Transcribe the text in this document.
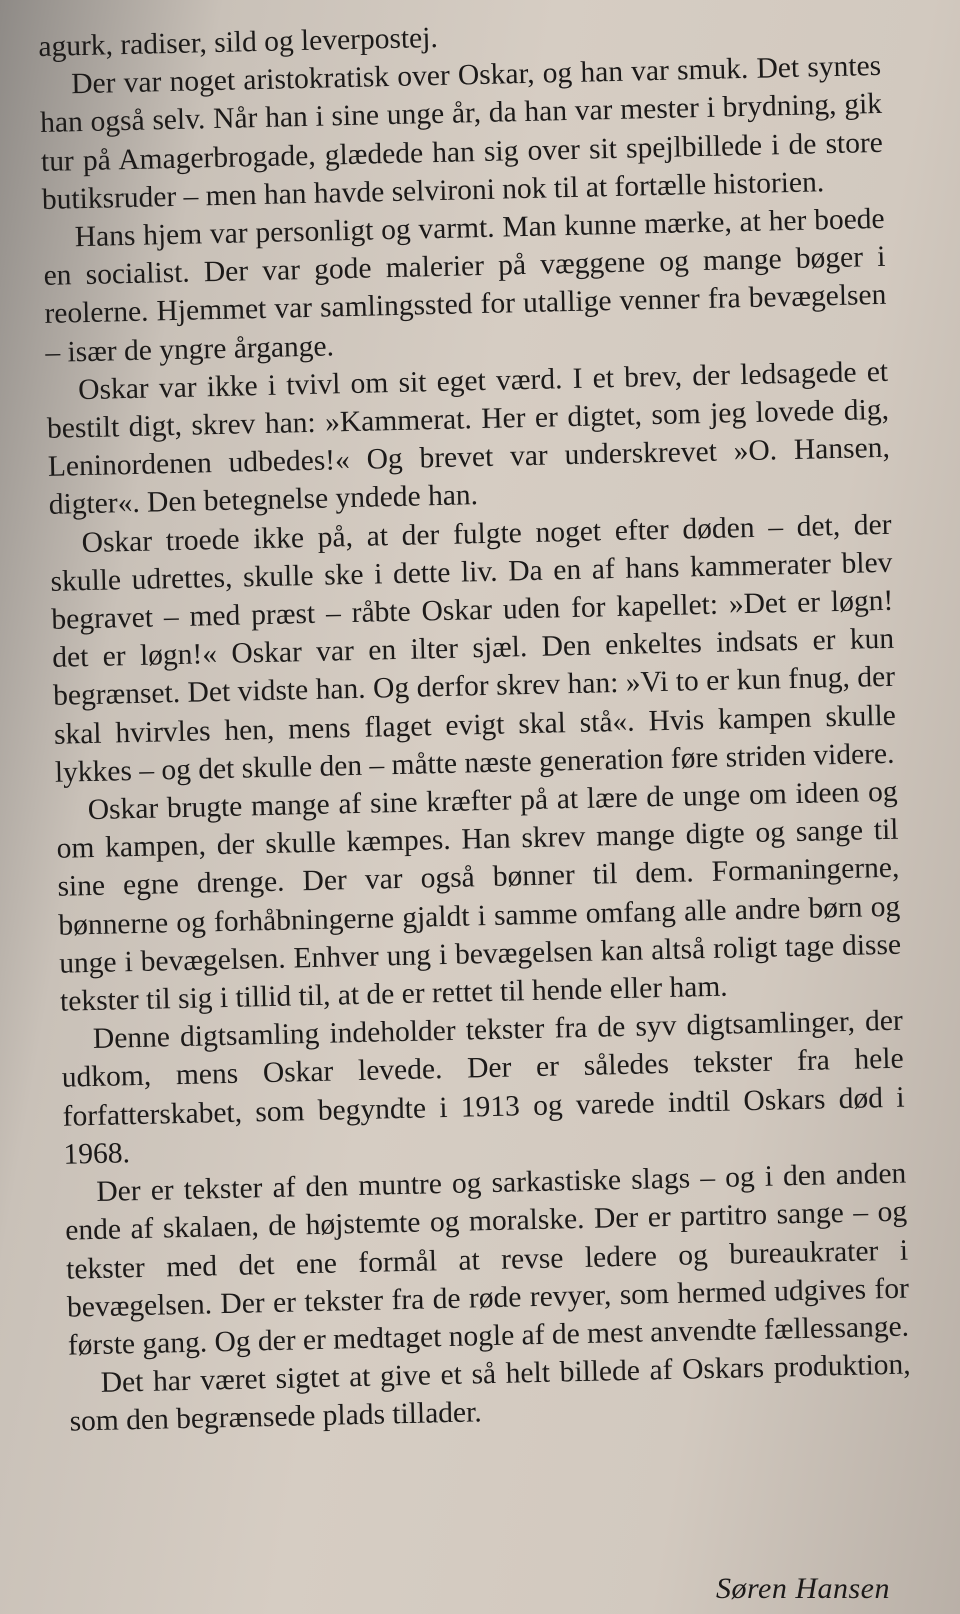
agurk, radiser, sild og leverpostej.

Der var noget aristokratisk over Oskar, og han var smuk. Det syntes han også selv. Når han i sine unge år, da han var mester i brydning, gik tur på Amagerbrogade, glædede han sig over sit spejlbillede i de store butiksruder – men han havde selvironi nok til at fortælle historien.

Hans hjem var personligt og varmt. Man kunne mærke, at her boede en socialist. Der var gode malerier på væggene og mange bøger i reolerne. Hjemmet var samlingssted for utallige venner fra bevægelsen – især de yngre årgange.

Oskar var ikke i tvivl om sit eget værd. I et brev, der ledsagede et bestilt digt, skrev han: »Kammerat. Her er digtet, som jeg lovede dig, Leninordenen udbedes!« Og brevet var underskrevet »O. Hansen, digter«. Den betegnelse yndede han.

Oskar troede ikke på, at der fulgte noget efter døden – det, der skulle udrettes, skulle ske i dette liv. Da en af hans kammerater blev begravet – med præst – råbte Oskar uden for kapellet: »Det er løgn! det er løgn!« Oskar var en ilter sjæl. Den enkeltes indsats er kun begrænset. Det vidste han. Og derfor skrev han: »Vi to er kun fnug, der skal hvirvles hen, mens flaget evigt skal stå«. Hvis kampen skulle lykkes – og det skulle den – måtte næste generation føre striden videre.

Oskar brugte mange af sine kræfter på at lære de unge om ideen og om kampen, der skulle kæmpes. Han skrev mange digte og sange til sine egne drenge. Der var også bønner til dem. Formaningerne, bønnerne og forhåbningerne gjaldt i samme omfang alle andre børn og unge i bevægelsen. Enhver ung i bevægelsen kan altså roligt tage disse tekster til sig i tillid til, at de er rettet til hende eller ham.

Denne digtsamling indeholder tekster fra de syv digtsamlinger, der udkom, mens Oskar levede. Der er således tekster fra hele forfatterskabet, som begyndte i 1913 og varede indtil Oskars død i 1968.

Der er tekster af den muntre og sarkastiske slags – og i den anden ende af skalaen, de højstemte og moralske. Der er partitro sange – og tekster med det ene formål at revse ledere og bureaukrater i bevægelsen. Der er tekster fra de røde revyer, som hermed udgives for første gang. Og der er medtaget nogle af de mest anvendte fællessange.

Det har været sigtet at give et så helt billede af Oskars produktion, som den begrænsede plads tillader.

Søren Hansen
